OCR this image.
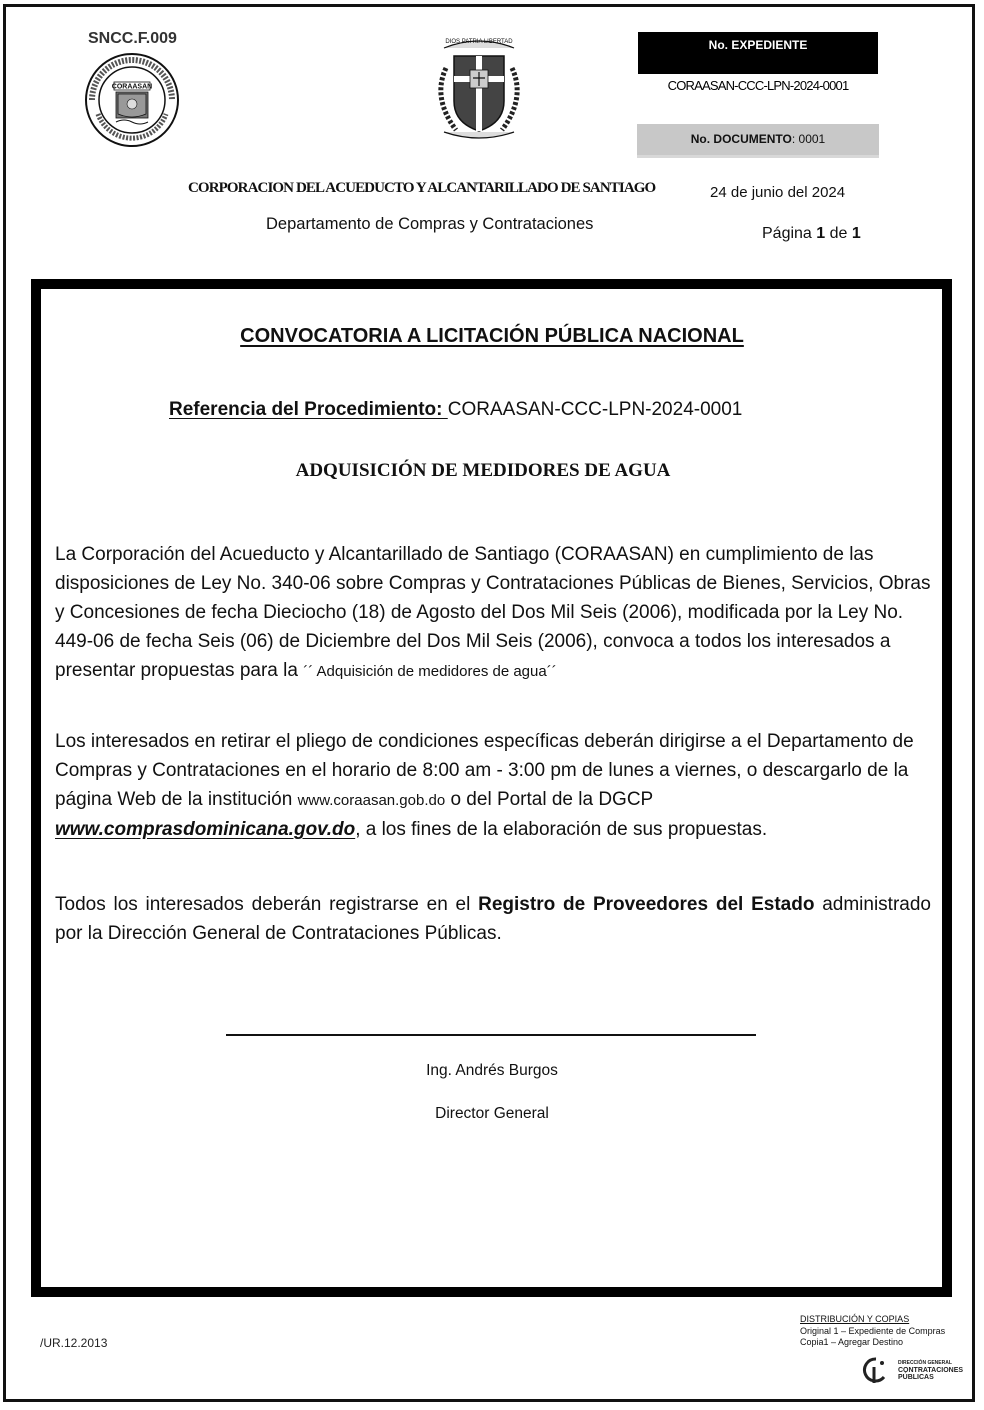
SNCC.F.009
CORAASAN
DIOS PATRIA LIBERTAD	No. EXPEDIENTE
CORAASAN-CCC-LPN-2024-0001
No. DOCUMENTO: 0001
CORPORACION DEL ACUEDUCTO Y ALCANTARILLADO DE SANTIAGO	24 de junio del 2024
Departamento de Compras y Contrataciones
Página 1 de 1
CONVOCATORIA A LICITACIÓN PÚBLICA NACIONAL
Referencia del Procedimiento: CORAASAN-CCC-LPN-2024-0001
ADQUISICIÓN DE MEDIDORES DE AGUA
La Corporación del Acueducto y Alcantarillado de Santiago (CORAASAN) en cumplimiento de las disposiciones de Ley No. 340-06 sobre Compras y Contrataciones Públicas de Bienes, Servicios, Obras y Concesiones de fecha Dieciocho (18) de Agosto del Dos Mil Seis (2006), modificada por la Ley No. 449-06 de fecha Seis (06) de Diciembre del Dos Mil Seis (2006), convoca a todos los interesados a presentar propuestas para la ´´ Adquisición de medidores de agua´´
Los interesados en retirar el pliego de condiciones específicas deberán dirigirse a el Departamento de Compras y Contrataciones en el horario de 8:00 am - 3:00 pm de lunes a viernes, o descargarlo de la página Web de la institución www.coraasan.gob.do o del Portal de la DGCP www.comprasdominicana.gov.do, a los fines de la elaboración de sus propuestas.
Todos los interesados deberán registrarse en el Registro de Proveedores del Estado administrado por la Dirección General de Contrataciones Públicas.
Ing. Andrés Burgos
Director General
/UR.12.2013
DISTRIBUCIÓN Y COPIAS
Original 1 – Expediente de Compras
Copia1 – Agregar Destino
DIRECCIÓN GENERAL
CONTRATACIONES
PÚBLICAS
